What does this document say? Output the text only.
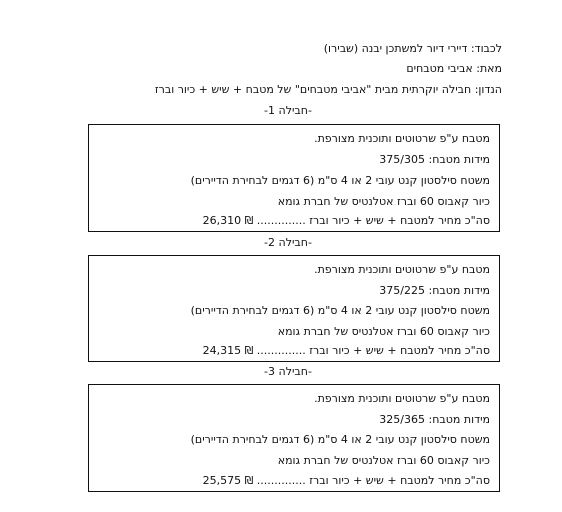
לכבוד: דיירי דיור למשתכן יבנה (שבירו)
מאת: אביבי מטבחים
הנדון: חבילה יוקרתית מבית "אביבי מטבחים" של מטבח + שיש + כיור וברז
-חבילה 1-
מטבח ע"פ שרטוטים ותוכנית מצורפת.
מידות מטבח: 375/305
משטח סילסטון קנט עובי 2 או 4 ס"מ (6 דגמים לבחירת הדיירים)
כיור קאבוס 60 וברז אטלנטיס של חברת גומא
סה"כ מחיר למטבח + שיש + כיור וברז .............. 26,310 ₪
-חבילה 2-
מטבח ע"פ שרטוטים ותוכנית מצורפת.
מידות מטבח: 375/225
משטח סילסטון קנט עובי 2 או 4 ס"מ (6 דגמים לבחירת הדיירים)
כיור קאבוס 60 וברז אטלנטיס של חברת גומא
סה"כ מחיר למטבח + שיש + כיור וברז .............. 24,315 ₪
-חבילה 3-
מטבח ע"פ שרטוטים ותוכנית מצורפת.
מידות מטבח: 325/365
משטח סילסטון קנט עובי 2 או 4 ס"מ (6 דגמים לבחירת הדיירים)
כיור קאבוס 60 וברז אטלנטיס של חברת גומא
סה"כ מחיר למטבח + שיש + כיור וברז .............. 25,575 ₪
